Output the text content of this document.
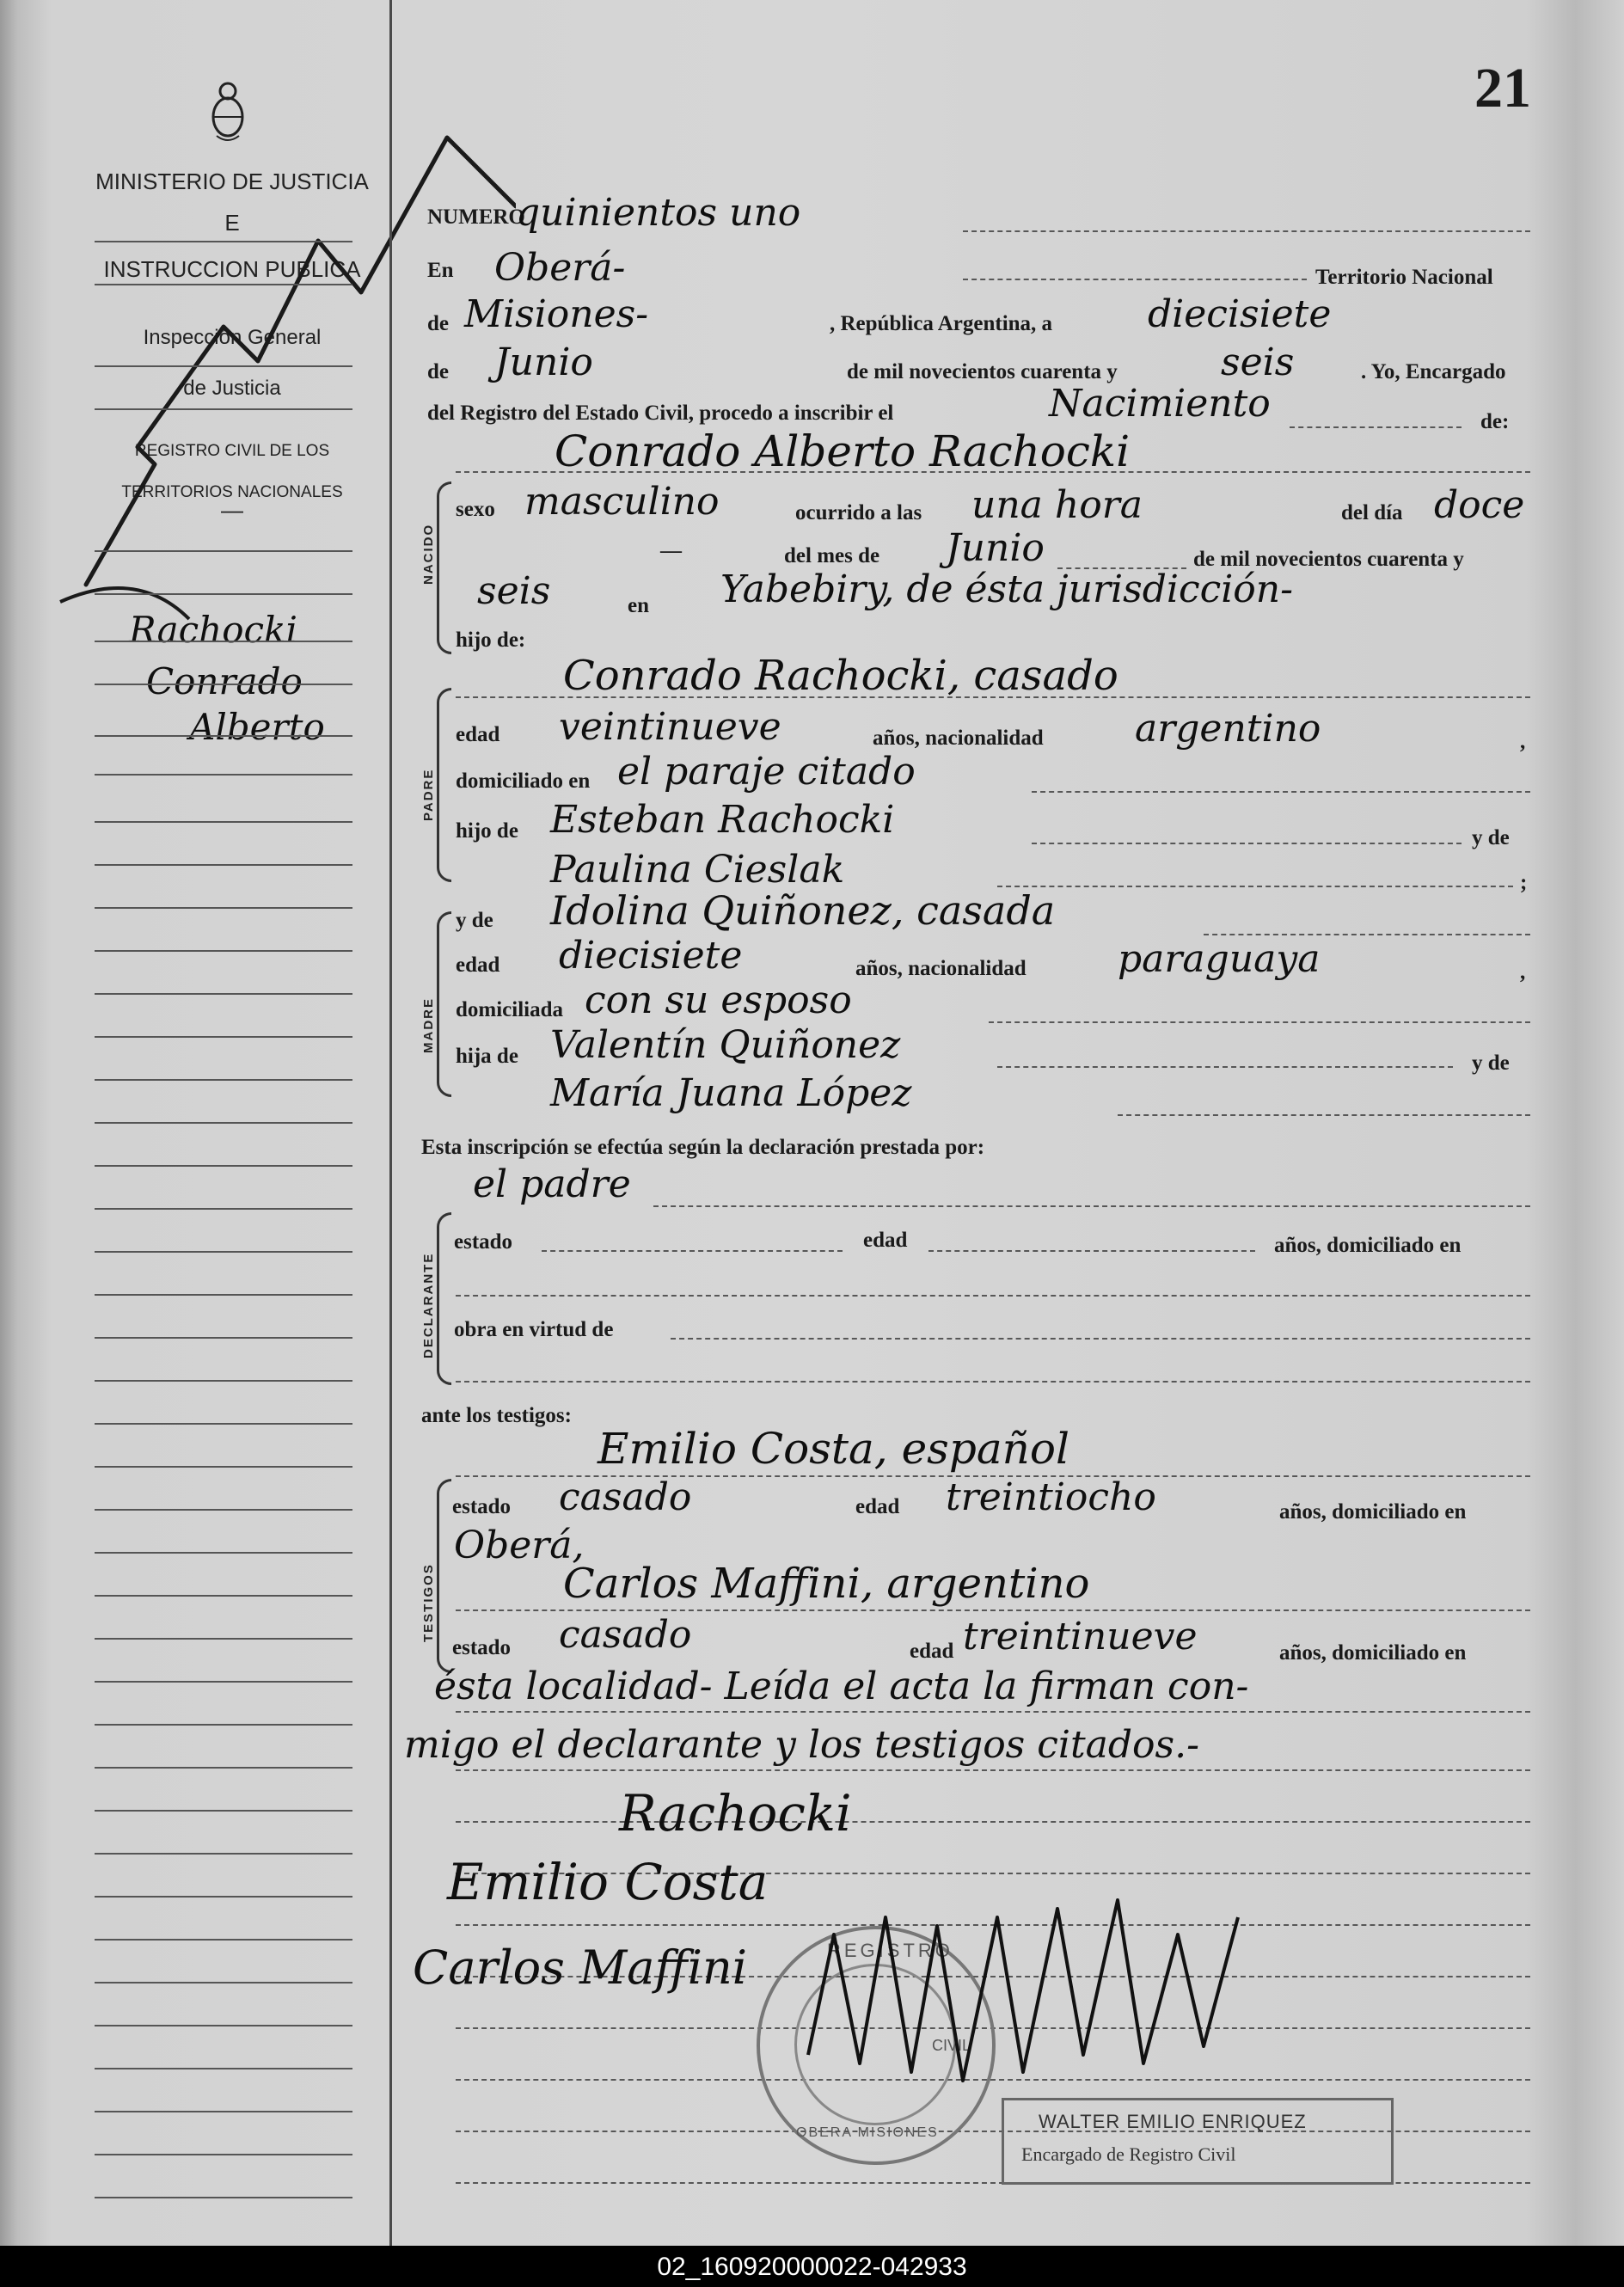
MINISTERIO DE JUSTICIA
E
INSTRUCCION PUBLICA
Inspección General
de Justicia
REGISTRO CIVIL DE LOS
TERRITORIOS NACIONALES
—
Rachocki
Conrado
Alberto
21
NUMERO
quinientos uno
En Oberá-	Territorio Nacional
de Misiones-	, República Argentina, a	diecisiete
de Junio	de mil novecientos cuarenta y	seis	. Yo, Encargado
del Registro del Estado Civil, procedo a inscribir el	Nacimiento	de:
Conrado Alberto Rachocki
NACIDO
sexo masculino	ocurrido a las una hora	del día doce
—	del mes de Junio	de mil novecientos cuarenta y
seis	en Yabebiry, de ésta jurisdicción-
hijo de:
PADRE
Conrado Rachocki, casado
edad veintinueve	años, nacionalidad argentino	,
domiciliado en el paraje citado
hijo de Esteban Rachocki	y de
Paulina Cieslak	;
MADRE
y de Idolina Quiñonez, casada
edad diecisiete	años, nacionalidad paraguaya	,
domiciliada con su esposo
hija de Valentín Quiñonez	y de
María Juana López
Esta inscripción se efectúa según la declaración prestada por:
el padre
DECLARANTE
estado	edad	años, domiciliado en
obra en virtud de
ante los testigos:
Emilio Costa, español
TESTIGOS
estado casado	edad treintiocho	años, domiciliado en
Oberá,
Carlos Maffini, argentino
estado casado	edad treintinueve	años, domiciliado en
ésta localidad- Leída el acta la firman con-
migo el declarante y los testigos citados.-
Rachocki
Emilio Costa
Carlos Maffini	REGISTRO
CIVIL
OBERA MISIONES
WALTER EMILIO ENRIQUEZ
Encargado de Registro Civil
02_160920000022-042933
